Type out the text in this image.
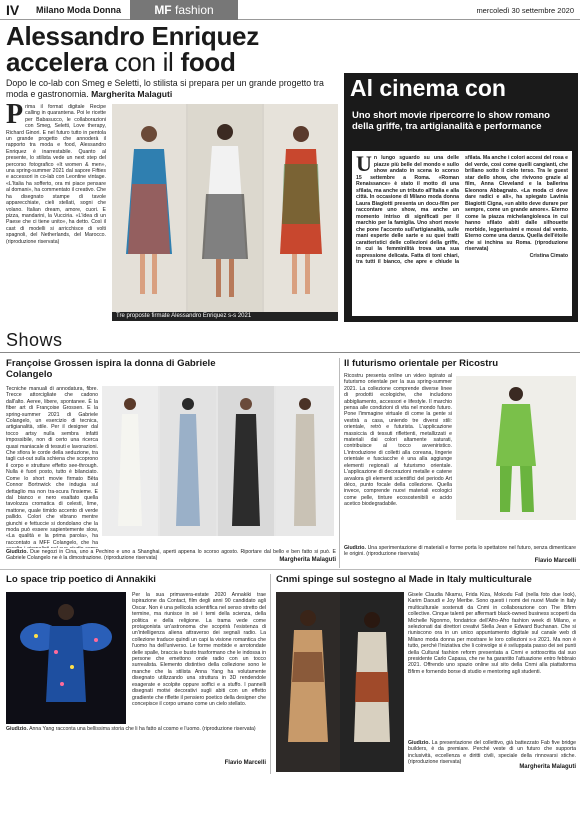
IV Milano Moda Donna	MF fashion	mercoledì 30 settembre 2020
Alessandro Enriquez accelera con il food
Dopo le co-lab con Smeg e Seletti, lo stilista si prepara per un grande progetto tra moda e gastronomia. Margherita Malaguti
Prima il format digitale Recipe calling in quarantena. Poi le ricette per Babasucco, le collaborazioni con Smeg, Seletti, Love therapy, Richard Ginori. E nel futuro tutto in pentola un grande progetto che annoderà il rapporto tra moda e food, Alessandro Enriquez è inarrestabile. Quanto al presente, lo stilista vede un next step del percorso fotografico «It women & men», una spring-summer 2021 dal sapore Fifties e accessori in co-lab con Leontine vintage. «L'Italia ha sofferto, ora mi piace pensare al domani», ha commentato il creativo. Che ha disegnato stampe di tavole apparecchiate, cieli stellati, sogni che volano. Italian dream, amore, cuori. E pizza, mandarini, la Vucciria. «L'idea di un Paese che ci tiene unito», ha detto. Così il cast di modelli si arricchisce di volti spagnoli, del Netherlands, del Marocco. (riproduzione riservata)
Tre proposte firmate Alessandro Enriquez s-s 2021
Al cinema con
Uno short movie ripercorre lo show romano della griffe, tra artigianalità e performance
Un lungo sguardo su una delle piazze più belle del mondo e sullo show andato in scena lo scorso 15 settembre a Roma. «Roman Renaissance» è stato il motto di una sfilata, ma anche un tributo all'Italia e alla città. In occasione di Milano moda donna Laura Biagiotti presenta un docu-film per raccontare uno show, ma anche un momento intriso di significati per il marchio per la famiglia. Uno short movie che pone l'accento sull'artigianalità, sulle mani esperte delle sarte e su quei tratti caratteristici delle collezioni della griffe, in cui la femminilità trova una sua espressione delicata. Fatta di toni chiari, tra tutti il bianco, che apre e chiude la sfilata. Ma anche i colori accesi del rosa e del verde, così come quelli cangianti, che brillano sotto il cielo terso. Tra le guest star dello show, che rivivono grazie al film, Anna Cleveland e la ballerina Eleonora Abbagnato. «La moda ci deve dare radici e ali», ha spiegato Lavinia Biagiotti Cigna, «un abito deve durare per sempre, come un grande amore». Eterno come la piazza michelangiolesca in cui hanno sfilato abiti dalle silhouette morbide, leggerissimi e mossi dal vento. Eterno come una danza. Quella dell'étoile che si inchina su Roma. (riproduzione riservata)
Cristina Cimato
Shows
Françoise Grossen ispira la donna di Gabriele Colangelo
Tecniche manuali di annodatura, fibre. Trecce attorcigliate che cadono dall'alto. Aeree, libere, spontanee. È la fiber art di Françoise Grossen. E la spring-summer 2021 di Gabriele Colangelo, un esercizio di tecnica, artigianalità, stile. Per il designer dal tocco artsy nulla sembra infatti impossibile, non di certo una ricerca quasi maniacale di tessuti e lavorazioni. Che sfiora le corde della seduzione, tra tagli cut-out sulla schiena che scoprono il corpo e strutture effetto see-through. Nulla è fuori posto, tutto è bilanciato. Come lo short movie firmato Bêta Connor Bortnwick che indugia sul dettaglio ma non tra-scura l'insieme. E dal bianco e nero esaltato quella tavolozza cromatica di celesti, lime, mattone, quale timido accento di verde pallido. Colori che vibrano mentre giunchi e fettuccie si dondolano che la moda può essere sapientemente slow, «La qualità e la prima parola», ha raccontato a MFF Colangelo, che ha
Giudizio. Due negozi in Cina, uno a Pechino e uno a Shanghai, aperti appena lo scorso agosto. Riportare dal bello e ben fatto si può. E Gabriele Colangelo ne è la dimostrazione. (riproduzione riservata)	Margherita Malaguti
Il futurismo orientale per Ricostru
Ricostru presenta online un video ispirato al futurismo orientale per la sua spring-summer 2021. La collezione comprende diverse linee di prodotti ecologiche, che includono abbigliamento, accessori e lifestyle. Il marchio pensa alle condizioni di vita nel mondo futuro. Pone l'immagine virtuale di come la gente si vestirà a casa, uniendo tre diversi stili: orientale, retrò e futurista. L'applicazione massiccia di tessuti riflettenti, metallizzati e materiali dai colori altamente saturati, contribuisce al tocco avveniristico. L'introduzione di colletti alla coreana, lingerie orientale e fusciacche è una alla aggiunge elementi regionali al futurismo orientale. L'applicazione di decorazioni metalle e catene avvalora gli elementi scientifici del periodo Art déco, punto focale della collezione. Quella invece, comprende nuovi materiali ecologici come pelle, tinture ecosostenibili e acido acetico biodegradabile.
Giudizio. Una sperimentazione di materiali e forme porta lo spettatore nel futuro, senza dimenticare le origini. (riproduzione riservata)
Flavio Marcelli
Lo space trip poetico di Annakiki
Per la sua primavera-estate 2020 Annakiki trae ispirazione da Contact, film degli anni 90 candidato agli Oscar. Non è una pellicola scientifica nel senso stretto del termine, ma riunisce in sé i temi della scienza, della politica e della religione. La trama vede come protagonista un'astronoma che scoprirà l'esistenza di un'intelligenza aliena attraverso dei segnali radio. La collezione traduce quindi un capi la visione romantica che l'uomo ha dell'universo. Le forme morbide e arrotondate delle spalle, braccia e busto trasformano che le indossa in persone che emettono onde radio con un tocco surrealista. Elemento distintivo della collezione sono le manche che la stilista Anna Yang ha volutamente disegnato utilizzando una struttura in 3D rendendole esagerate e scolpite oppure soffici e a stuffo. I pannelli disegnati motivi decorativi sugli abiti con un effetto gradiente che riflette il pensiero poetico della designer che concepisce il corpo umano come un cielo stellato.
Giudizio. Anna Yang racconta una bellissima storia che li ha fatto al cosmo e l'uomo. (riproduzione riservata)
Flavio Marcelli
Cnmi spinge sul sostegno al Made in Italy multiculturale
Gisele Claudia Nkamu, Frida Kiza, Mokodu Fall (nella foto due look), Karim Daoudi e Joy Meribe. Sono questi i nomi dei nuovi Made in Italy multiculturale sostenuti da Cnmi in collaborazione con The Bfirm collective. Cinque talenti per affermarti black-owned business scoperti da Michelle Ngonmo, fondatrice dell'Afro-Afro fashion week di Milano, e selezionati dai direttori creativi Stella Jean e Edward Buchanan. Che si riuniscono ora in un unico appuntamento digitale sul canale web di Milano moda donna per mostrare le loro collezioni s-s 2021. Ma non è tutto, perché l'iniziativa che li coinvolge si è sviluppata passo dei sei punti della Cultural fashion reform presentata a Cnmi e sottoscritta dal suo presidente Carlo Capasa, che ne ha garantito l'attuazione entro febbraio 2021. Offrendo uno spazio online sul sito della Cnmi alla piattaforma Bfirm e fornendo borse di studio e mentoring agli studenti.
Giudizio. La presentazione del collettivo, già battezzato Fab five bridge builders, è da premiare. Perché veste di un futuro che supporta inclusività, eccellenza e diritti civili, speciale della rinnovarsi stiche. (riproduzione riservata)
Margherita Malaguti
